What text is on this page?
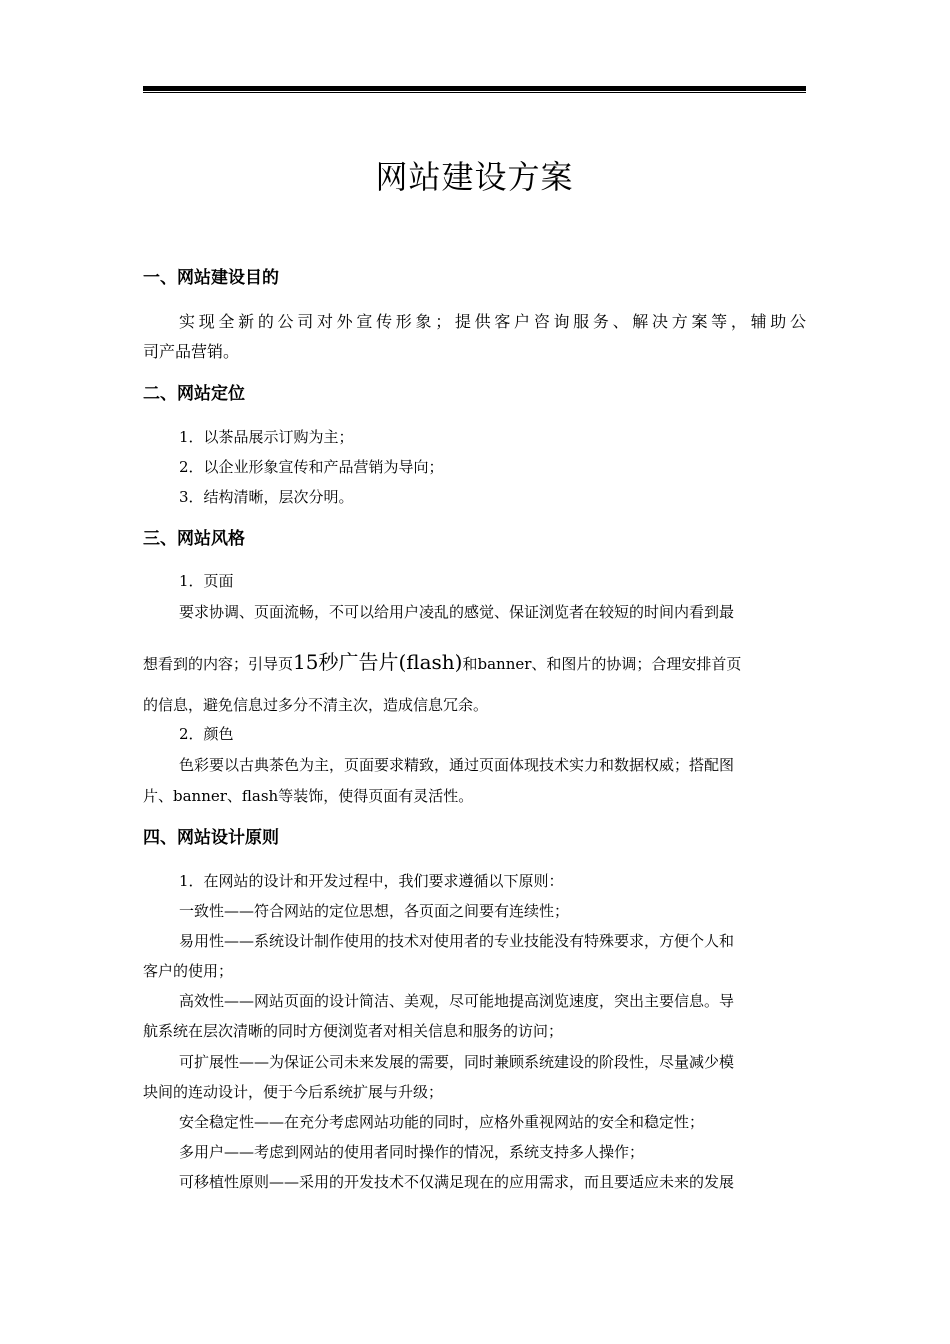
网站建设方案
一、网站建设目的
实现全新的公司对外宣传形象；提供客户咨询服务、解决方案等，辅助公
司产品营销。
二、网站定位
1．以茶品展示订购为主；
2．以企业形象宣传和产品营销为导向；
3．结构清晰，层次分明。
三、网站风格
1．页面
要求协调、页面流畅，不可以给用户凌乱的感觉、保证浏览者在较短的时间内看到最
想看到的内容；引导页15秒广告片(flash)和banner、和图片的协调；合理安排首页
的信息，避免信息过多分不清主次，造成信息冗余。
2．颜色
色彩要以古典茶色为主，页面要求精致，通过页面体现技术实力和数据权威；搭配图
片、banner、flash等装饰，使得页面有灵活性。
四、网站设计原则
1．在网站的设计和开发过程中，我们要求遵循以下原则：
一致性——符合网站的定位思想，各页面之间要有连续性；
易用性——系统设计制作使用的技术对使用者的专业技能没有特殊要求，方便个人和
客户的使用；
高效性——网站页面的设计简洁、美观，尽可能地提高浏览速度，突出主要信息。导
航系统在层次清晰的同时方便浏览者对相关信息和服务的访问；
可扩展性——为保证公司未来发展的需要，同时兼顾系统建设的阶段性，尽量减少模
块间的连动设计，便于今后系统扩展与升级；
安全稳定性——在充分考虑网站功能的同时，应格外重视网站的安全和稳定性；
多用户——考虑到网站的使用者同时操作的情况，系统支持多人操作；
可移植性原则——采用的开发技术不仅满足现在的应用需求，而且要适应未来的发展
